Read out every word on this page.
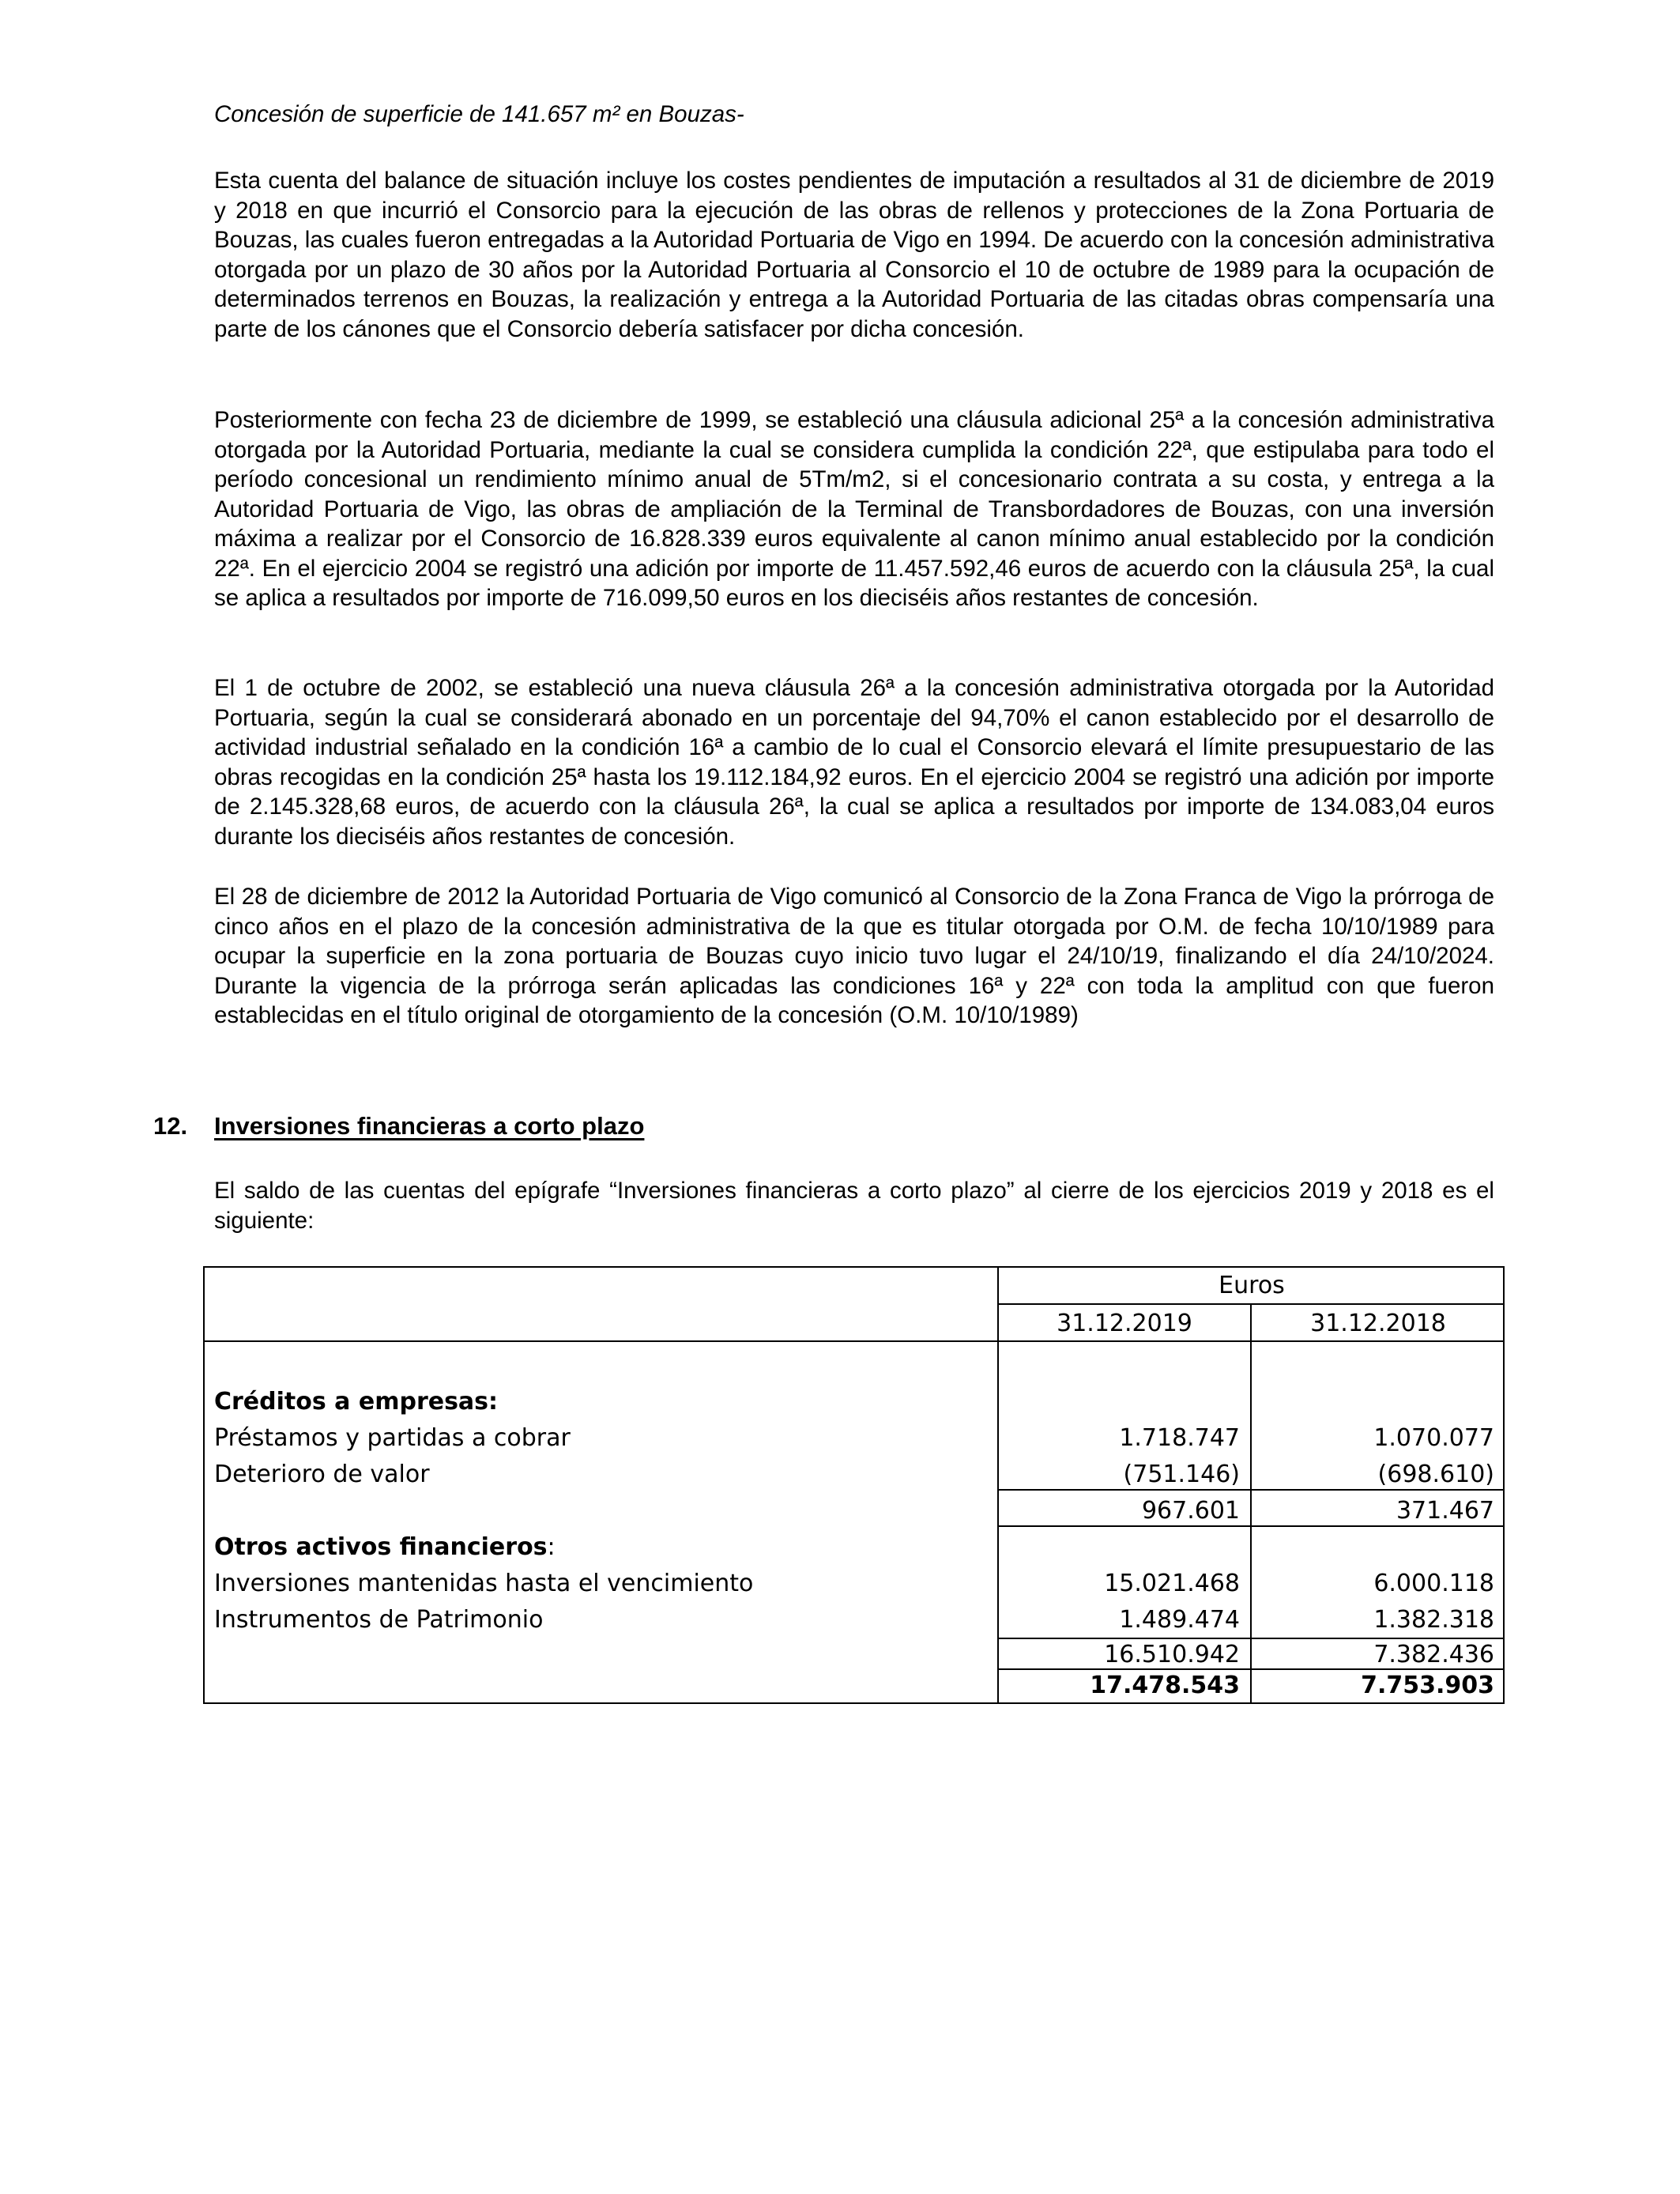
Concesión de superficie de 141.657 m² en Bouzas-

Esta cuenta del balance de situación incluye los costes pendientes de imputación a resultados al 31 de diciembre de 2019 y 2018 en que incurrió el Consorcio para la ejecución de las obras de rellenos y protecciones de la Zona Portuaria de Bouzas, las cuales fueron entregadas a la Autoridad Portuaria de Vigo en 1994. De acuerdo con la concesión administrativa otorgada por un plazo de 30 años por la Autoridad Portuaria al Consorcio el 10 de octubre de 1989 para la ocupación de determinados terrenos en Bouzas, la realización y entrega a la Autoridad Portuaria de las citadas obras compensaría una parte de los cánones que el Consorcio debería satisfacer por dicha concesión.

Posteriormente con fecha 23 de diciembre de 1999, se estableció una cláusula adicional 25ª a la concesión administrativa otorgada por la Autoridad Portuaria, mediante la cual se considera cumplida la condición 22ª, que estipulaba para todo el período concesional un rendimiento mínimo anual de 5Tm/m2, si el concesionario contrata a su costa, y entrega a la Autoridad Portuaria de Vigo, las obras de ampliación de la Terminal de Transbordadores de Bouzas, con una inversión máxima a realizar por el Consorcio de 16.828.339 euros equivalente al canon mínimo anual establecido por la condición 22ª. En el ejercicio 2004 se registró una adición por importe de 11.457.592,46 euros de acuerdo con la cláusula 25ª, la cual se aplica a resultados por importe de 716.099,50 euros en los dieciséis años restantes de concesión.

El 1 de octubre de 2002, se estableció una nueva cláusula 26ª a la concesión administrativa otorgada por la Autoridad Portuaria, según la cual se considerará abonado en un porcentaje del 94,70% el canon establecido por el desarrollo de actividad industrial señalado en la condición 16ª a cambio de lo cual el Consorcio elevará el límite presupuestario de las obras recogidas en la condición 25ª hasta los 19.112.184,92 euros. En el ejercicio 2004 se registró una adición por importe de 2.145.328,68 euros, de acuerdo con la cláusula 26ª, la cual se aplica a resultados por importe de 134.083,04 euros durante los dieciséis años restantes de concesión.

El 28 de diciembre de 2012 la Autoridad Portuaria de Vigo comunicó al Consorcio de la Zona Franca de Vigo la prórroga de cinco años en el plazo de la concesión administrativa de la que es titular otorgada por O.M. de fecha 10/10/1989 para ocupar la superficie en la zona portuaria de Bouzas cuyo inicio tuvo lugar el 24/10/19, finalizando el día 24/10/2024. Durante la vigencia de la prórroga serán aplicadas las condiciones 16ª y 22ª con toda la amplitud con que fueron establecidas en el título original de otorgamiento de la concesión (O.M. 10/10/1989)

12. Inversiones financieras a corto plazo

El saldo de las cuentas del epígrafe “Inversiones financieras a corto plazo” al cierre de los ejercicios 2019 y 2018 es el siguiente:

Euros
31.12.2019	31.12.2018
Créditos a empresas:
Préstamos y partidas a cobrar	1.718.747	1.070.077
Deterioro de valor	(751.146)	(698.610)
967.601	371.467
Otros activos financieros:
Inversiones mantenidas hasta el vencimiento	15.021.468	6.000.118
Instrumentos de Patrimonio	1.489.474	1.382.318
16.510.942	7.382.436
17.478.543	7.753.903
